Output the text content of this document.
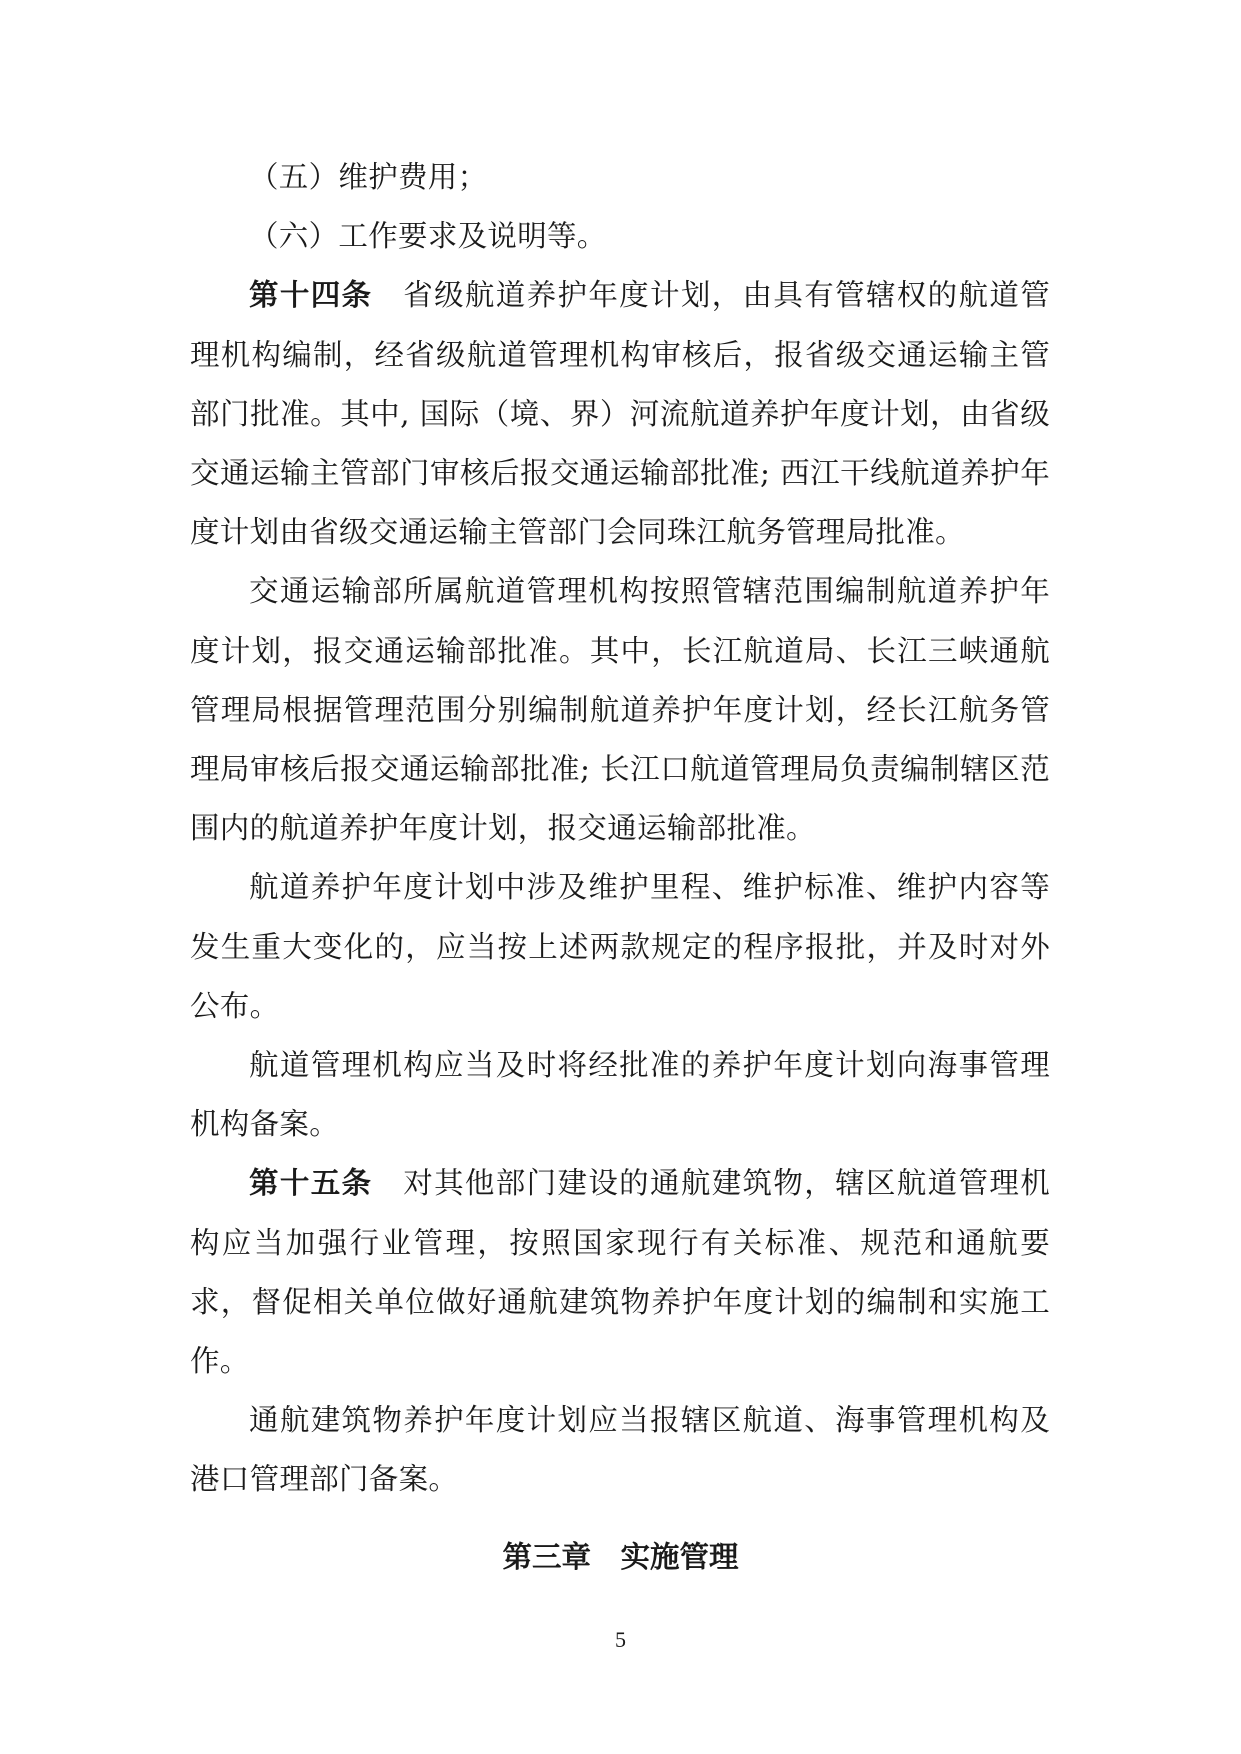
（五）维护费用；

（六）工作要求及说明等。

第十四条　省级航道养护年度计划，由具有管辖权的航道管理机构编制，经省级航道管理机构审核后，报省级交通运输主管部门批准。其中, 国际（境、界）河流航道养护年度计划，由省级交通运输主管部门审核后报交通运输部批准; 西江干线航道养护年度计划由省级交通运输主管部门会同珠江航务管理局批准。

交通运输部所属航道管理机构按照管辖范围编制航道养护年度计划，报交通运输部批准。其中，长江航道局、长江三峡通航管理局根据管理范围分别编制航道养护年度计划，经长江航务管理局审核后报交通运输部批准; 长江口航道管理局负责编制辖区范围内的航道养护年度计划，报交通运输部批准。

航道养护年度计划中涉及维护里程、维护标准、维护内容等发生重大变化的，应当按上述两款规定的程序报批，并及时对外公布。

航道管理机构应当及时将经批准的养护年度计划向海事管理机构备案。

第十五条　对其他部门建设的通航建筑物，辖区航道管理机构应当加强行业管理，按照国家现行有关标准、规范和通航要求，督促相关单位做好通航建筑物养护年度计划的编制和实施工作。

通航建筑物养护年度计划应当报辖区航道、海事管理机构及港口管理部门备案。

第三章　实施管理

5
